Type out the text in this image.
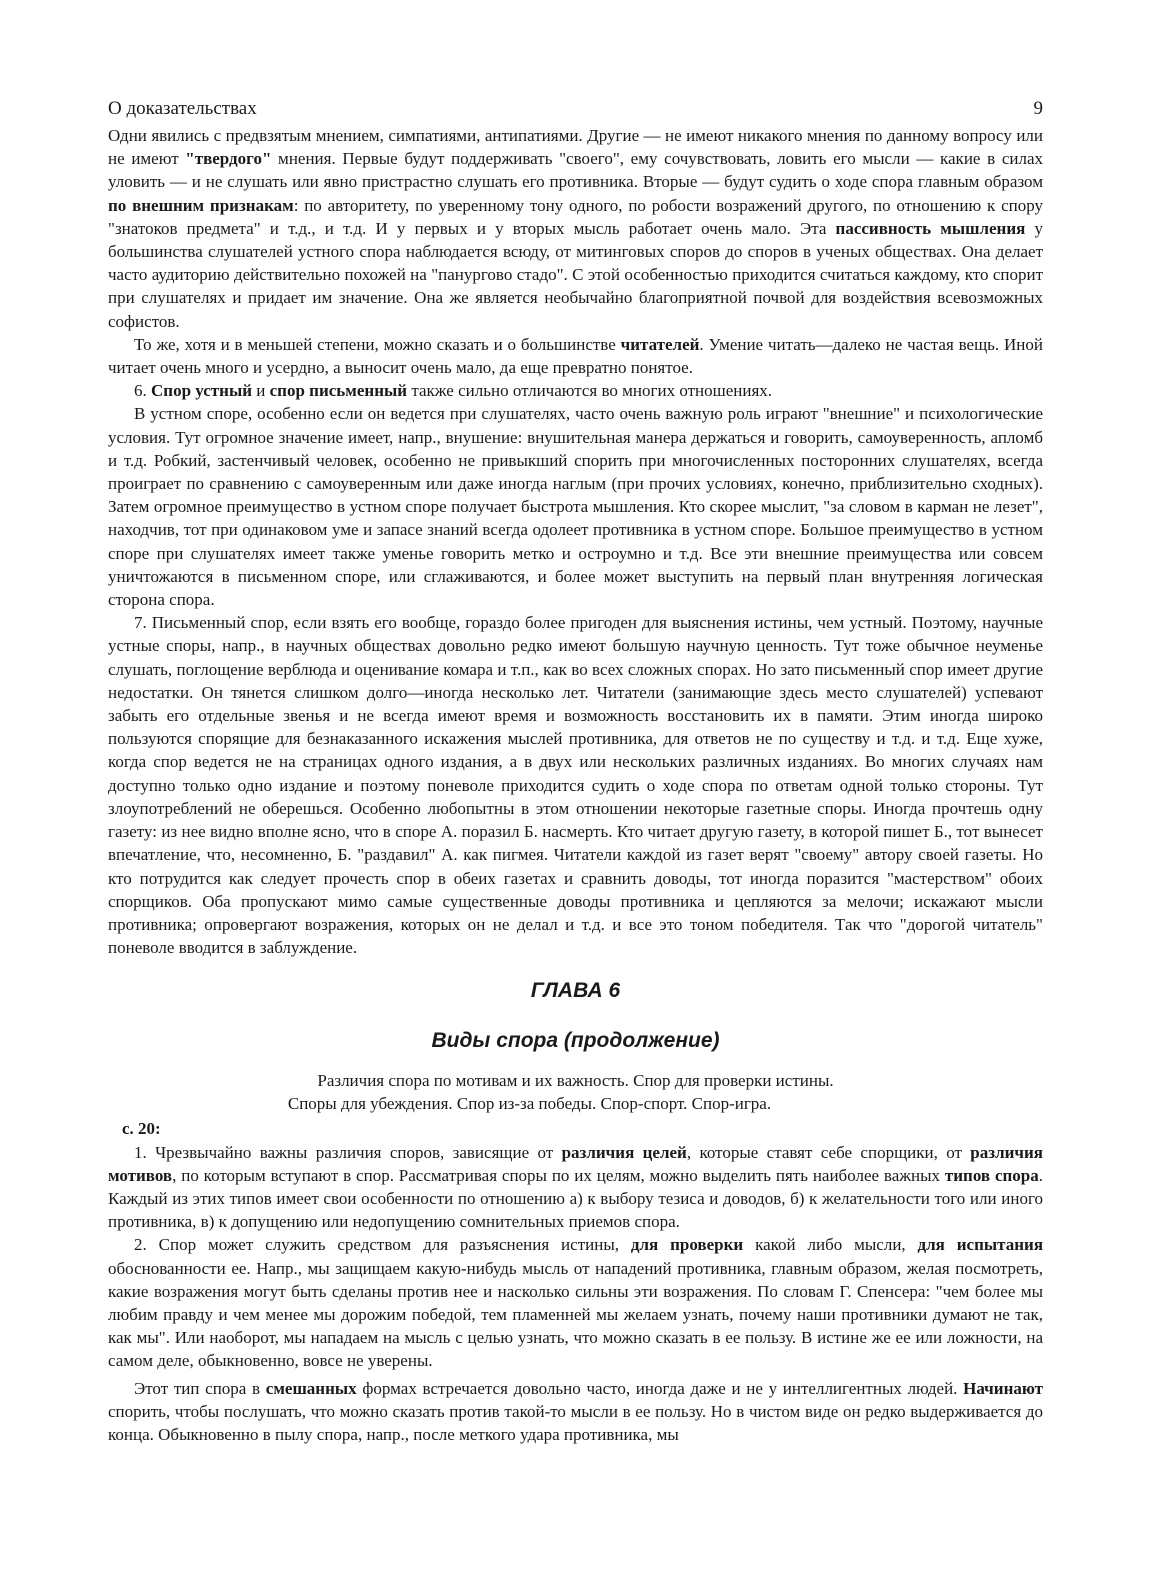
О доказательствах	9

Одни явились с предвзятым мнением, симпатиями, антипатиями. Другие — не имеют никакого мнения по данному вопросу или не имеют "твердого" мнения. Первые будут поддерживать "своего", ему сочувствовать, ловить его мысли — какие в силах уловить — и не слушать или явно пристрастно слушать его противника. Вторые — будут судить о ходе спора главным образом по внешним признакам: по авторитету, по уверенному тону одного, по робости возражений другого, по отношению к спору "знатоков предмета" и т.д., и т.д. И у первых и у вторых мысль работает очень мало. Эта пассивность мышления у большинства слушателей устного спора наблюдается всюду, от митинговых споров до споров в ученых обществах. Она делает часто аудиторию действительно похожей на "панургово стадо". С этой особенностью приходится считаться каждому, кто спорит при слушателях и придает им значение. Она же является необычайно благоприятной почвой для воздействия всевозможных софистов.

То же, хотя и в меньшей степени, можно сказать и о большинстве читателей. Умение читать—далеко не частая вещь. Иной читает очень много и усердно, а выносит очень мало, да еще превратно понятое.

6. Спор устный и спор письменный также сильно отличаются во многих отношениях.

В устном споре, особенно если он ведется при слушателях, часто очень важную роль играют "внешние" и психологические условия. Тут огромное значение имеет, напр., внушение: внушительная манера держаться и говорить, самоуверенность, апломб и т.д. Робкий, застенчивый человек, особенно не привыкший спорить при многочисленных посторонних слушателях, всегда проиграет по сравнению с самоуверенным или даже иногда наглым (при прочих условиях, конечно, приблизительно сходных). Затем огромное преимущество в устном споре получает быстрота мышления. Кто скорее мыслит, "за словом в карман не лезет", находчив, тот при одинаковом уме и запасе знаний всегда одолеет противника в устном споре. Большое преимущество в устном споре при слушателях имеет также уменье говорить метко и остроумно и т.д. Все эти внешние преимущества или совсем уничтожаются в письменном споре, или сглаживаются, и более может выступить на первый план внутренняя логическая сторона спора.

7. Письменный спор, если взять его вообще, гораздо более пригоден для выяснения истины, чем устный. Поэтому, научные устные споры, напр., в научных обществах довольно редко имеют большую научную ценность. Тут тоже обычное неуменье слушать, поглощение верблюда и оценивание комара и т.п., как во всех сложных спорах. Но зато письменный спор имеет другие недостатки. Он тянется слишком долго—иногда несколько лет. Читатели (занимающие здесь место слушателей) успевают забыть его отдельные звенья и не всегда имеют время и возможность восстановить их в памяти. Этим иногда широко пользуются спорящие для безнаказанного искажения мыслей противника, для ответов не по существу и т.д. и т.д. Еще хуже, когда спор ведется не на страницах одного издания, а в двух или нескольких различных изданиях. Во многих случаях нам доступно только одно издание и поэтому поневоле приходится судить о ходе спора по ответам одной только стороны. Тут злоупотреблений не оберешься. Особенно любопытны в этом отношении некоторые газетные споры. Иногда прочтешь одну газету: из нее видно вполне ясно, что в споре А. поразил Б. насмерть. Кто читает другую газету, в которой пишет Б., тот вынесет впечатление, что, несомненно, Б. "раздавил" А. как пигмея. Читатели каждой из газет верят "своему" автору своей газеты. Но кто потрудится как следует прочесть спор в обеих газетах и сравнить доводы, тот иногда поразится "мастерством" обоих спорщиков. Оба пропускают мимо самые существенные доводы противника и цепляются за мелочи; искажают мысли противника; опровергают возражения, которых он не делал и т.д. и все это тоном победителя. Так что "дорогой читатель" поневоле вводится в заблуждение.

ГЛАВА 6
Виды спора (продолжение)
Различия спора по мотивам и их важность. Спор для проверки истины.

Споры для убеждения. Спор из-за победы. Спор-спорт. Спор-игра.

с. 20:

1. Чрезвычайно важны различия споров, зависящие от различия целей, которые ставят себе спорщики, от различия мотивов, по которым вступают в спор. Рассматривая споры по их целям, можно выделить пять наиболее важных типов спора. Каждый из этих типов имеет свои особенности по отношению а) к выбору тезиса и доводов, б) к желательности того или иного противника, в) к допущению или недопущению сомнительных приемов спора.

2. Спор может служить средством для разъяснения истины, для проверки какой либо мысли, для испытания обоснованности ее. Напр., мы защищаем какую-нибудь мысль от нападений противника, главным образом, желая посмотреть, какие возражения могут быть сделаны против нее и насколько сильны эти возражения. По словам Г. Спенсера: "чем более мы любим правду и чем менее мы дорожим победой, тем пламенней мы желаем узнать, почему наши противники думают не так, как мы". Или наоборот, мы нападаем на мысль с целью узнать, что можно сказать в ее пользу. В истине же ее или ложности, на самом деле, обыкновенно, вовсе не уверены.

Этот тип спора в смешанных формах встречается довольно часто, иногда даже и не у интеллигентных людей. Начинают спорить, чтобы послушать, что можно сказать против такой-то мысли в ее пользу. Но в чистом виде он редко выдерживается до конца. Обыкновенно в пылу спора, напр., после меткого удара противника, мы
